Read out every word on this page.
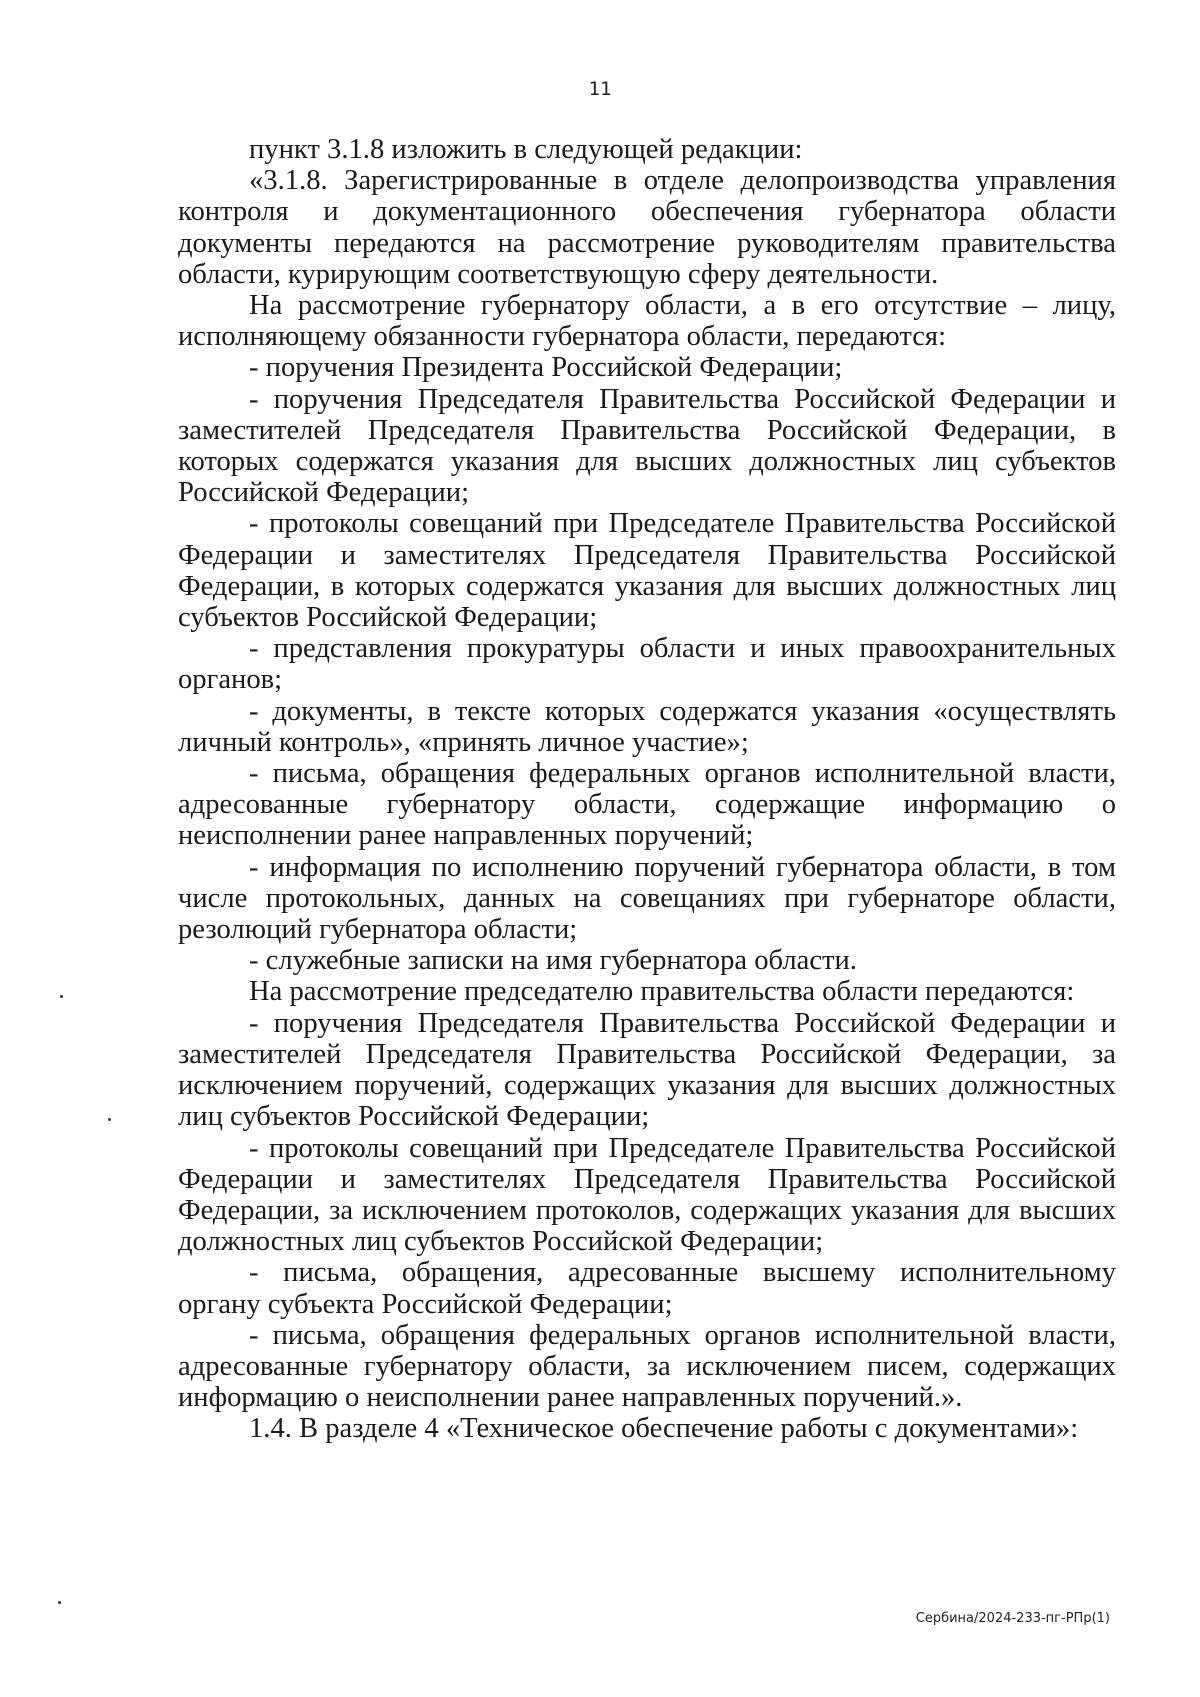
11

пункт 3.1.8 изложить в следующей редакции:

«3.1.8. Зарегистрированные в отделе делопроизводства управления контроля и документационного обеспечения губернатора области документы передаются на рассмотрение руководителям правительства области, курирующим соответствующую сферу деятельности.

На рассмотрение губернатору области, а в его отсутствие – лицу, исполняющему обязанности губернатора области, передаются:

- поручения Президента Российской Федерации;

- поручения Председателя Правительства Российской Федерации и заместителей Председателя Правительства Российской Федерации, в которых содержатся указания для высших должностных лиц субъектов Российской Федерации;

- протоколы совещаний при Председателе Правительства Российской Федерации и заместителях Председателя Правительства Российской Федерации, в которых содержатся указания для высших должностных лиц субъектов Российской Федерации;

- представления прокуратуры области и иных правоохранительных органов;

- документы, в тексте которых содержатся указания «осуществлять личный контроль», «принять личное участие»;

- письма, обращения федеральных органов исполнительной власти, адресованные губернатору области, содержащие информацию о неисполнении ранее направленных поручений;

- информация по исполнению поручений губернатора области, в том числе протокольных, данных на совещаниях при губернаторе области, резолюций губернатора области;

- служебные записки на имя губернатора области.

На рассмотрение председателю правительства области передаются:

- поручения Председателя Правительства Российской Федерации и заместителей Председателя Правительства Российской Федерации, за исключением поручений, содержащих указания для высших должностных лиц субъектов Российской Федерации;

- протоколы совещаний при Председателе Правительства Российской Федерации и заместителях Председателя Правительства Российской Федерации, за исключением протоколов, содержащих указания для высших должностных лиц субъектов Российской Федерации;

- письма, обращения, адресованные высшему исполнительному органу субъекта Российской Федерации;

- письма, обращения федеральных органов исполнительной власти, адресованные губернатору области, за исключением писем, содержащих информацию о неисполнении ранее направленных поручений.».

1.4. В разделе 4 «Техническое обеспечение работы с документами»:

Сербина/2024-233-пг-РПр(1)
